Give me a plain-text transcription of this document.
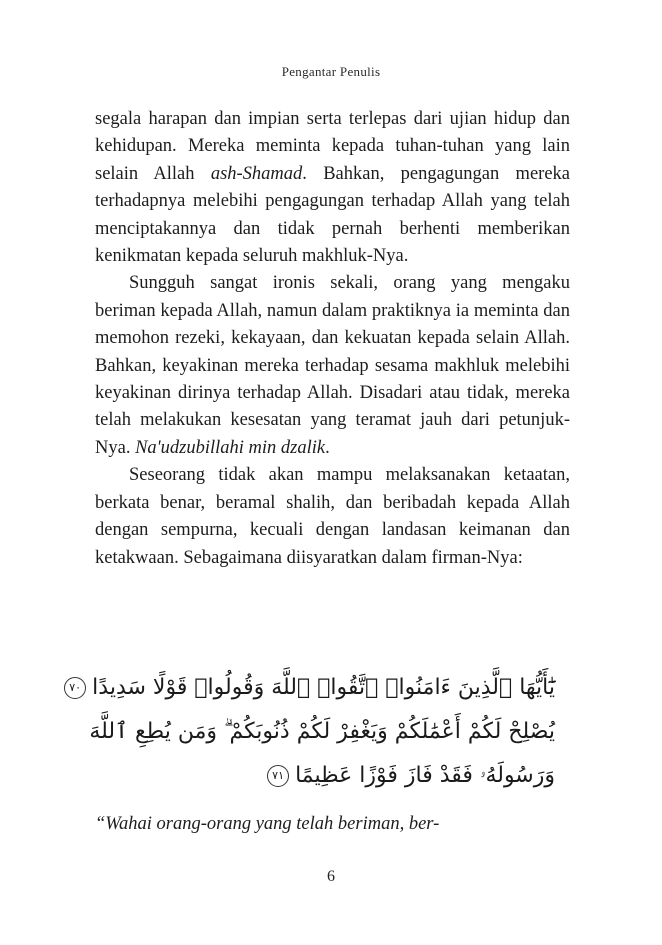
Pengantar Penulis

segala harapan dan impian serta terlepas dari ujian hidup dan kehidupan. Mereka meminta kepada tuhan-tuhan yang lain selain Allah ash-Shamad. Bahkan, pengagungan mereka terhadapnya melebihi pengagungan terhadap Allah yang telah menciptakannya dan tidak pernah berhenti memberikan kenikmatan kepada seluruh makhluk-Nya.

Sungguh sangat ironis sekali, orang yang mengaku beriman kepada Allah, namun dalam praktiknya ia meminta dan memohon rezeki, kekayaan, dan kekuatan kepada selain Allah. Bahkan, keyakinan mereka terhadap sesama makhluk melebihi keyakinan dirinya terhadap Allah. Disadari atau tidak, mereka telah melakukan kesesatan yang teramat jauh dari petunjuk-Nya. Na'udzubillahi min dzalik.

Seseorang tidak akan mampu melaksanakan ketaatan, berkata benar, beramal shalih, dan beribadah kepada Allah dengan sempurna, kecuali dengan landasan keimanan dan ketakwaan. Sebagaimana diisyaratkan dalam firman-Nya:

يَٰٓأَيُّهَا ٱلَّذِينَ ءَامَنُوا۟ ٱتَّقُوا۟ ٱللَّهَ وَقُولُوا۟ قَوْلًا سَدِيدًا٧٠
يُصْلِحْ لَكُمْ أَعْمَٰلَكُمْ وَيَغْفِرْ لَكُمْ ذُنُوبَكُمْ ۗ وَمَن يُطِعِ ٱللَّهَ
وَرَسُولَهُۥ فَقَدْ فَازَ فَوْزًا عَظِيمًا٧١
“Wahai orang-orang yang telah beriman, ber-
6
